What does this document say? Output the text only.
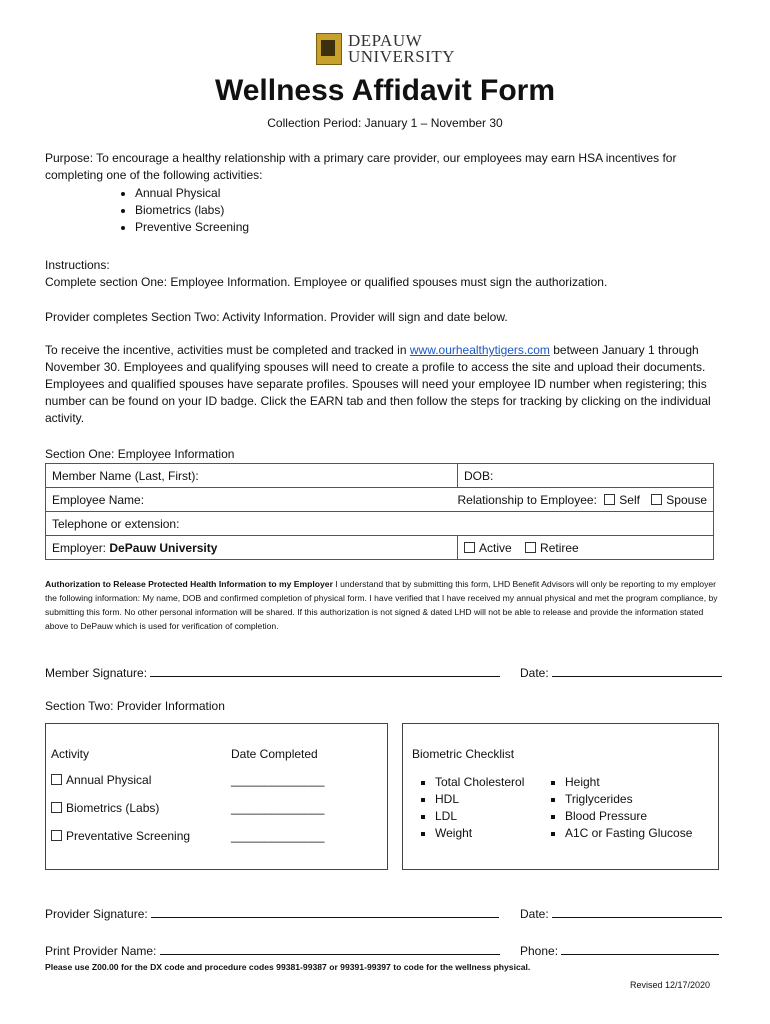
DEPAUW
UNIVERSITY
Wellness Affidavit Form
Collection Period: January 1 – November 30
Purpose: To encourage a healthy relationship with a primary care provider, our employees may earn HSA incentives for completing one of the following activities:
• Annual Physical
• Biometrics (labs)
• Preventive Screening
Instructions:
Complete section One: Employee Information. Employee or qualified spouses must sign the authorization.
Provider completes Section Two: Activity Information. Provider will sign and date below.
To receive the incentive, activities must be completed and tracked in www.ourhealthytigers.com between January 1 through November 30. Employees and qualifying spouses will need to create a profile to access the site and upload their documents. Employees and qualified spouses have separate profiles. Spouses will need your employee ID number when registering; this number can be found on your ID badge. Click the EARN tab and then follow the steps for tracking by clicking on the individual activity.
Section One: Employee Information
Member Name (Last, First):	DOB:
Employee Name:	Relationship to Employee: Self Spouse
Telephone or extension:	
Employer: DePauw University	Active Retiree
Authorization to Release Protected Health Information to my Employer I understand that by submitting this form, LHD Benefit Advisors will only be reporting to my employer the following information: My name, DOB and confirmed completion of physical form. I have verified that I have received my annual physical and met the program compliance, by submitting this form. No other personal information will be shared. If this authorization is not signed & dated LHD will not be able to release and provide the information stated above to DePauw which is used for verification of completion.
Member Signature:	Date:
Section Two: Provider Information
Activity	Date Completed
Annual Physical	______________
Biometrics (Labs)	______________
Preventative Screening	______________
Biometric Checklist
▪ Total Cholesterol
▪ HDL
▪ LDL
▪ Weight
▪ Height
▪ Triglycerides
▪ Blood Pressure
▪ A1C or Fasting Glucose
Provider Signature:	Date:
Print Provider Name:	Phone:
Please use Z00.00 for the DX code and procedure codes 99381-99387 or 99391-99397 to code for the wellness physical.
Revised 12/17/2020
